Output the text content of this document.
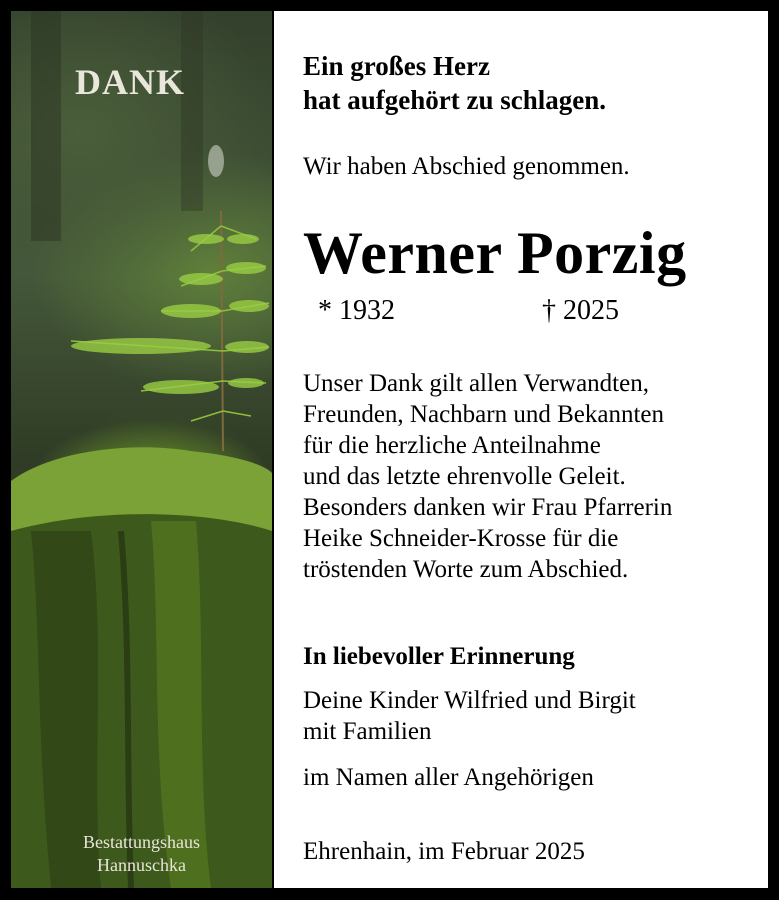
DANK
Bestattungshaus
Hannuschka
Ein großes Herz
hat aufgehört zu schlagen.
Wir haben Abschied genommen.
Werner Porzig
* 1932	† 2025
Unser Dank gilt allen Verwandten,
Freunden, Nachbarn und Bekannten
für die herzliche Anteilnahme
und das letzte ehrenvolle Geleit.
Besonders danken wir Frau Pfarrerin
Heike Schneider-Krosse für die
tröstenden Worte zum Abschied.
In liebevoller Erinnerung
Deine Kinder Wilfried und Birgit
mit Familien
im Namen aller Angehörigen
Ehrenhain, im Februar 2025
